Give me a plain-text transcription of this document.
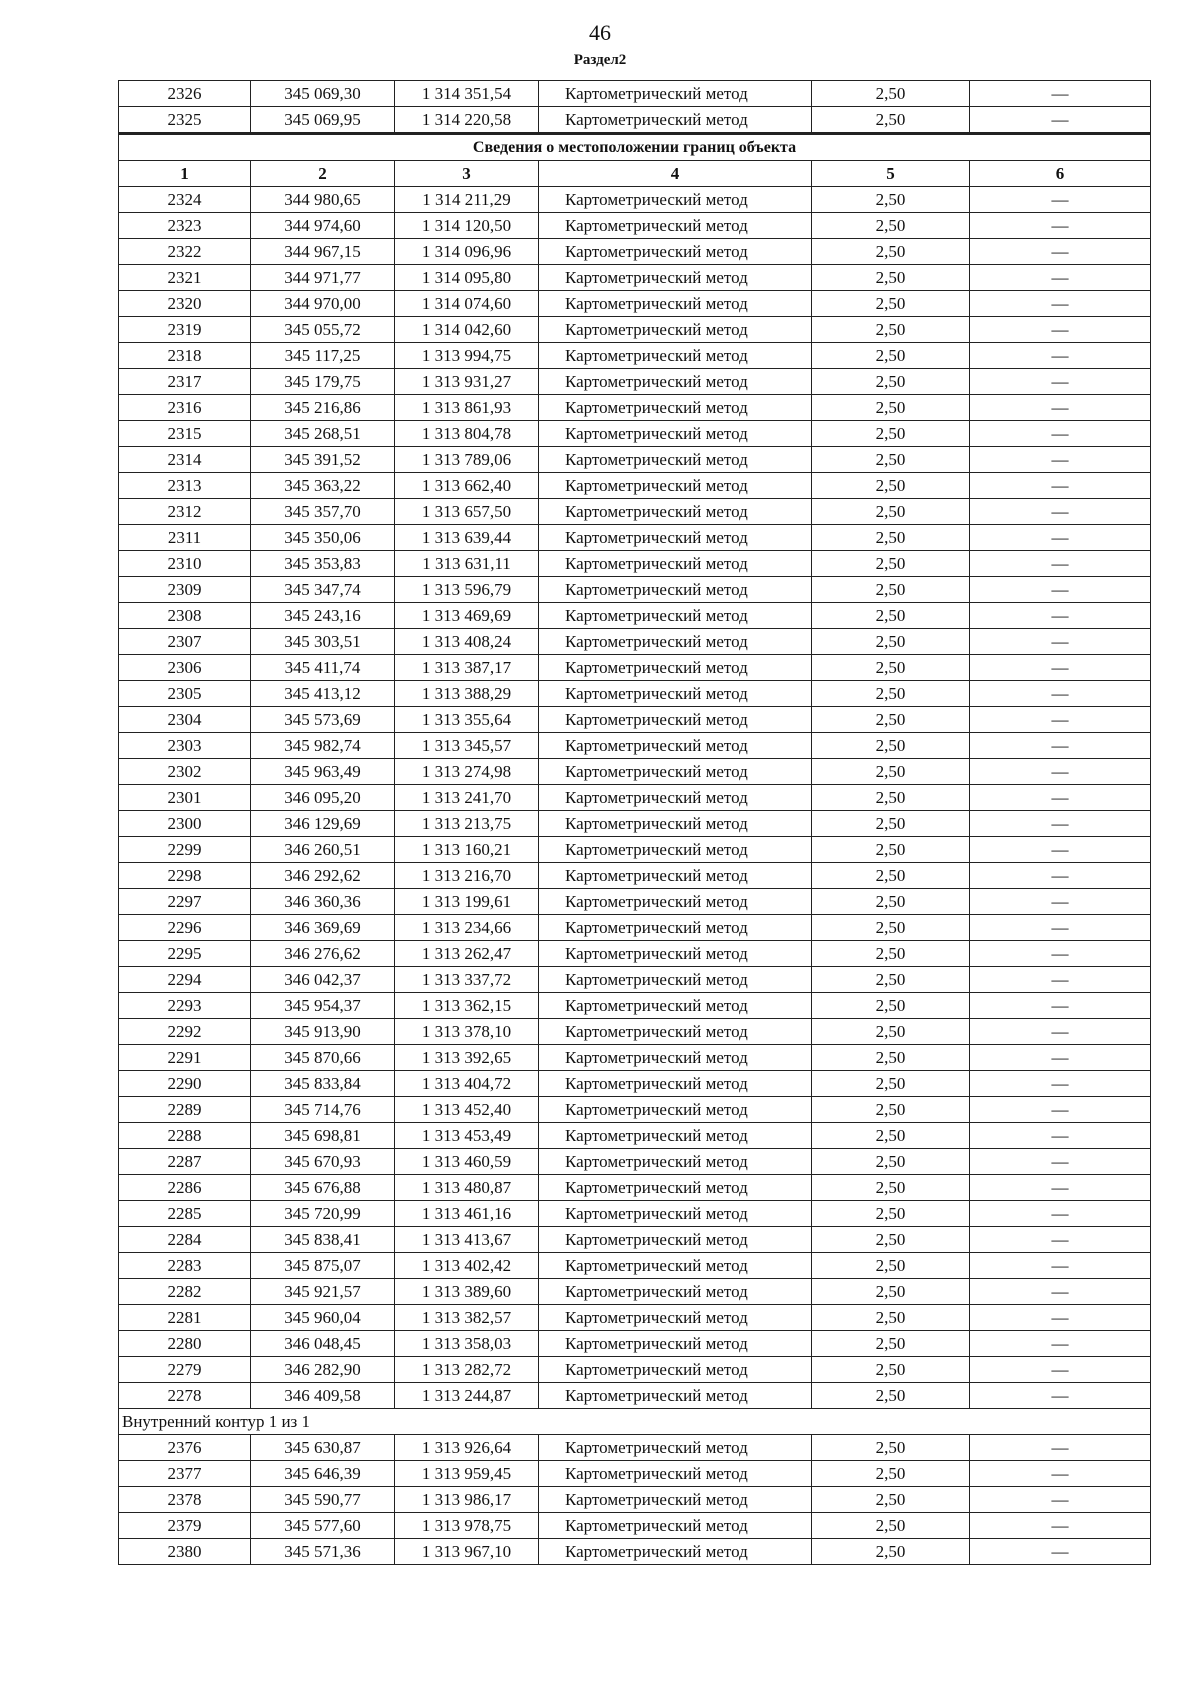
46
Раздел2
2326	345 069,30	1 314 351,54	Картометрический метод	2,50	—
2325	345 069,95	1 314 220,58	Картометрический метод	2,50	—
Сведения о местоположении границ объекта					
1	2	3	4	5	6
2324	344 980,65	1 314 211,29	Картометрический метод	2,50	—
2323	344 974,60	1 314 120,50	Картометрический метод	2,50	—
2322	344 967,15	1 314 096,96	Картометрический метод	2,50	—
2321	344 971,77	1 314 095,80	Картометрический метод	2,50	—
2320	344 970,00	1 314 074,60	Картометрический метод	2,50	—
2319	345 055,72	1 314 042,60	Картометрический метод	2,50	—
2318	345 117,25	1 313 994,75	Картометрический метод	2,50	—
2317	345 179,75	1 313 931,27	Картометрический метод	2,50	—
2316	345 216,86	1 313 861,93	Картометрический метод	2,50	—
2315	345 268,51	1 313 804,78	Картометрический метод	2,50	—
2314	345 391,52	1 313 789,06	Картометрический метод	2,50	—
2313	345 363,22	1 313 662,40	Картометрический метод	2,50	—
2312	345 357,70	1 313 657,50	Картометрический метод	2,50	—
2311	345 350,06	1 313 639,44	Картометрический метод	2,50	—
2310	345 353,83	1 313 631,11	Картометрический метод	2,50	—
2309	345 347,74	1 313 596,79	Картометрический метод	2,50	—
2308	345 243,16	1 313 469,69	Картометрический метод	2,50	—
2307	345 303,51	1 313 408,24	Картометрический метод	2,50	—
2306	345 411,74	1 313 387,17	Картометрический метод	2,50	—
2305	345 413,12	1 313 388,29	Картометрический метод	2,50	—
2304	345 573,69	1 313 355,64	Картометрический метод	2,50	—
2303	345 982,74	1 313 345,57	Картометрический метод	2,50	—
2302	345 963,49	1 313 274,98	Картометрический метод	2,50	—
2301	346 095,20	1 313 241,70	Картометрический метод	2,50	—
2300	346 129,69	1 313 213,75	Картометрический метод	2,50	—
2299	346 260,51	1 313 160,21	Картометрический метод	2,50	—
2298	346 292,62	1 313 216,70	Картометрический метод	2,50	—
2297	346 360,36	1 313 199,61	Картометрический метод	2,50	—
2296	346 369,69	1 313 234,66	Картометрический метод	2,50	—
2295	346 276,62	1 313 262,47	Картометрический метод	2,50	—
2294	346 042,37	1 313 337,72	Картометрический метод	2,50	—
2293	345 954,37	1 313 362,15	Картометрический метод	2,50	—
2292	345 913,90	1 313 378,10	Картометрический метод	2,50	—
2291	345 870,66	1 313 392,65	Картометрический метод	2,50	—
2290	345 833,84	1 313 404,72	Картометрический метод	2,50	—
2289	345 714,76	1 313 452,40	Картометрический метод	2,50	—
2288	345 698,81	1 313 453,49	Картометрический метод	2,50	—
2287	345 670,93	1 313 460,59	Картометрический метод	2,50	—
2286	345 676,88	1 313 480,87	Картометрический метод	2,50	—
2285	345 720,99	1 313 461,16	Картометрический метод	2,50	—
2284	345 838,41	1 313 413,67	Картометрический метод	2,50	—
2283	345 875,07	1 313 402,42	Картометрический метод	2,50	—
2282	345 921,57	1 313 389,60	Картометрический метод	2,50	—
2281	345 960,04	1 313 382,57	Картометрический метод	2,50	—
2280	346 048,45	1 313 358,03	Картометрический метод	2,50	—
2279	346 282,90	1 313 282,72	Картометрический метод	2,50	—
2278	346 409,58	1 313 244,87	Картометрический метод	2,50	—
Внутренний контур 1 из 1					
2376	345 630,87	1 313 926,64	Картометрический метод	2,50	—
2377	345 646,39	1 313 959,45	Картометрический метод	2,50	—
2378	345 590,77	1 313 986,17	Картометрический метод	2,50	—
2379	345 577,60	1 313 978,75	Картометрический метод	2,50	—
2380	345 571,36	1 313 967,10	Картометрический метод	2,50	—
